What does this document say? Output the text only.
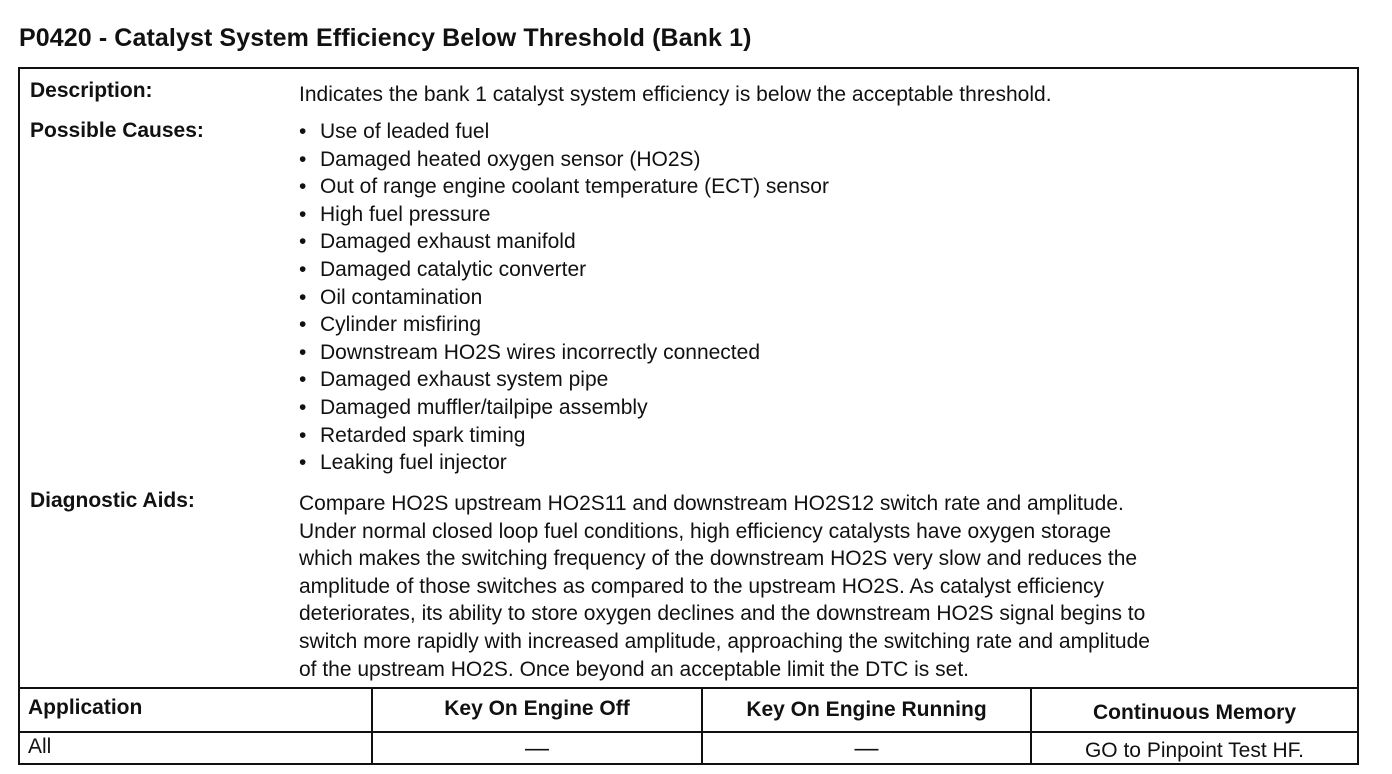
P0420 - Catalyst System Efficiency Below Threshold (Bank 1)
Description:	Indicates the bank 1 catalyst system efficiency is below the acceptable threshold.
Possible Causes:	• Use of leaded fuel
• Damaged heated oxygen sensor (HO2S)
• Out of range engine coolant temperature (ECT) sensor
• High fuel pressure
• Damaged exhaust manifold
• Damaged catalytic converter
• Oil contamination
• Cylinder misfiring
• Downstream HO2S wires incorrectly connected
• Damaged exhaust system pipe
• Damaged muffler/tailpipe assembly
• Retarded spark timing
• Leaking fuel injector
Diagnostic Aids:	Compare HO2S upstream HO2S11 and downstream HO2S12 switch rate and amplitude.
Under normal closed loop fuel conditions, high efficiency catalysts have oxygen storage
which makes the switching frequency of the downstream HO2S very slow and reduces the
amplitude of those switches as compared to the upstream HO2S. As catalyst efficiency
deteriorates, its ability to store oxygen declines and the downstream HO2S signal begins to
switch more rapidly with increased amplitude, approaching the switching rate and amplitude
of the upstream HO2S. Once beyond an acceptable limit the DTC is set.
Application	Key On Engine Off	Key On Engine Running	Continuous Memory
All	—	—	GO to Pinpoint Test HF.
